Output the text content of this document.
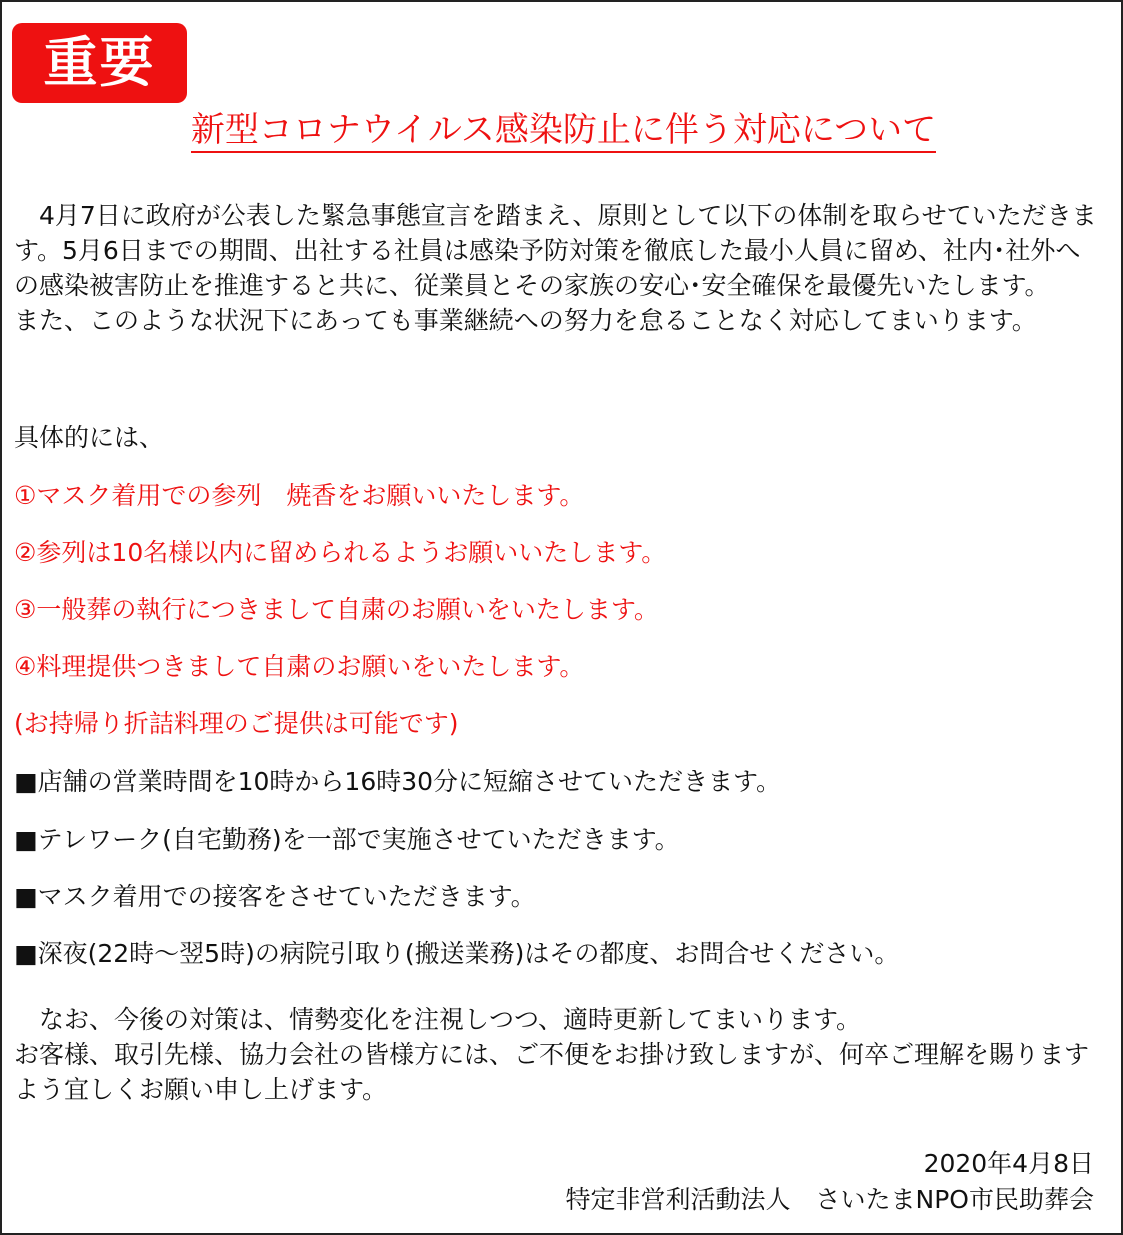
重要
新型コロナウイルス感染防止に伴う対応について

　4月7日に政府が公表した緊急事態宣言を踏まえ、原則として以下の体制を取らせていただきます。5月6日までの期間、出社する社員は感染予防対策を徹底した最小人員に留め、社内･社外への感染被害防止を推進すると共に、従業員とその家族の安心･安全確保を最優先いたします。　　また、このような状況下にあっても事業継続への努力を怠ることなく対応してまいります。

具体的には、
①マスク着用での参列　焼香をお願いいたします。
②参列は10名様以内に留められるようお願いいたします。
③一般葬の執行につきまして自粛のお願いをいたします。
④料理提供つきまして自粛のお願いをいたします。
(お持帰り折詰料理のご提供は可能です)
■店舗の営業時間を10時から16時30分に短縮させていただきます。
■テレワーク(自宅勤務)を一部で実施させていただきます。
■マスク着用での接客をさせていただきます。
■深夜(22時～翌5時)の病院引取り(搬送業務)はその都度、お問合せください。

　なお、今後の対策は、情勢変化を注視しつつ、適時更新してまいります。
お客様、取引先様、協力会社の皆様方には、ご不便をお掛け致しますが、何卒ご理解を賜りますよう宜しくお願い申し上げます。

2020年4月8日
特定非営利活動法人　さいたまNPO市民助葬会
